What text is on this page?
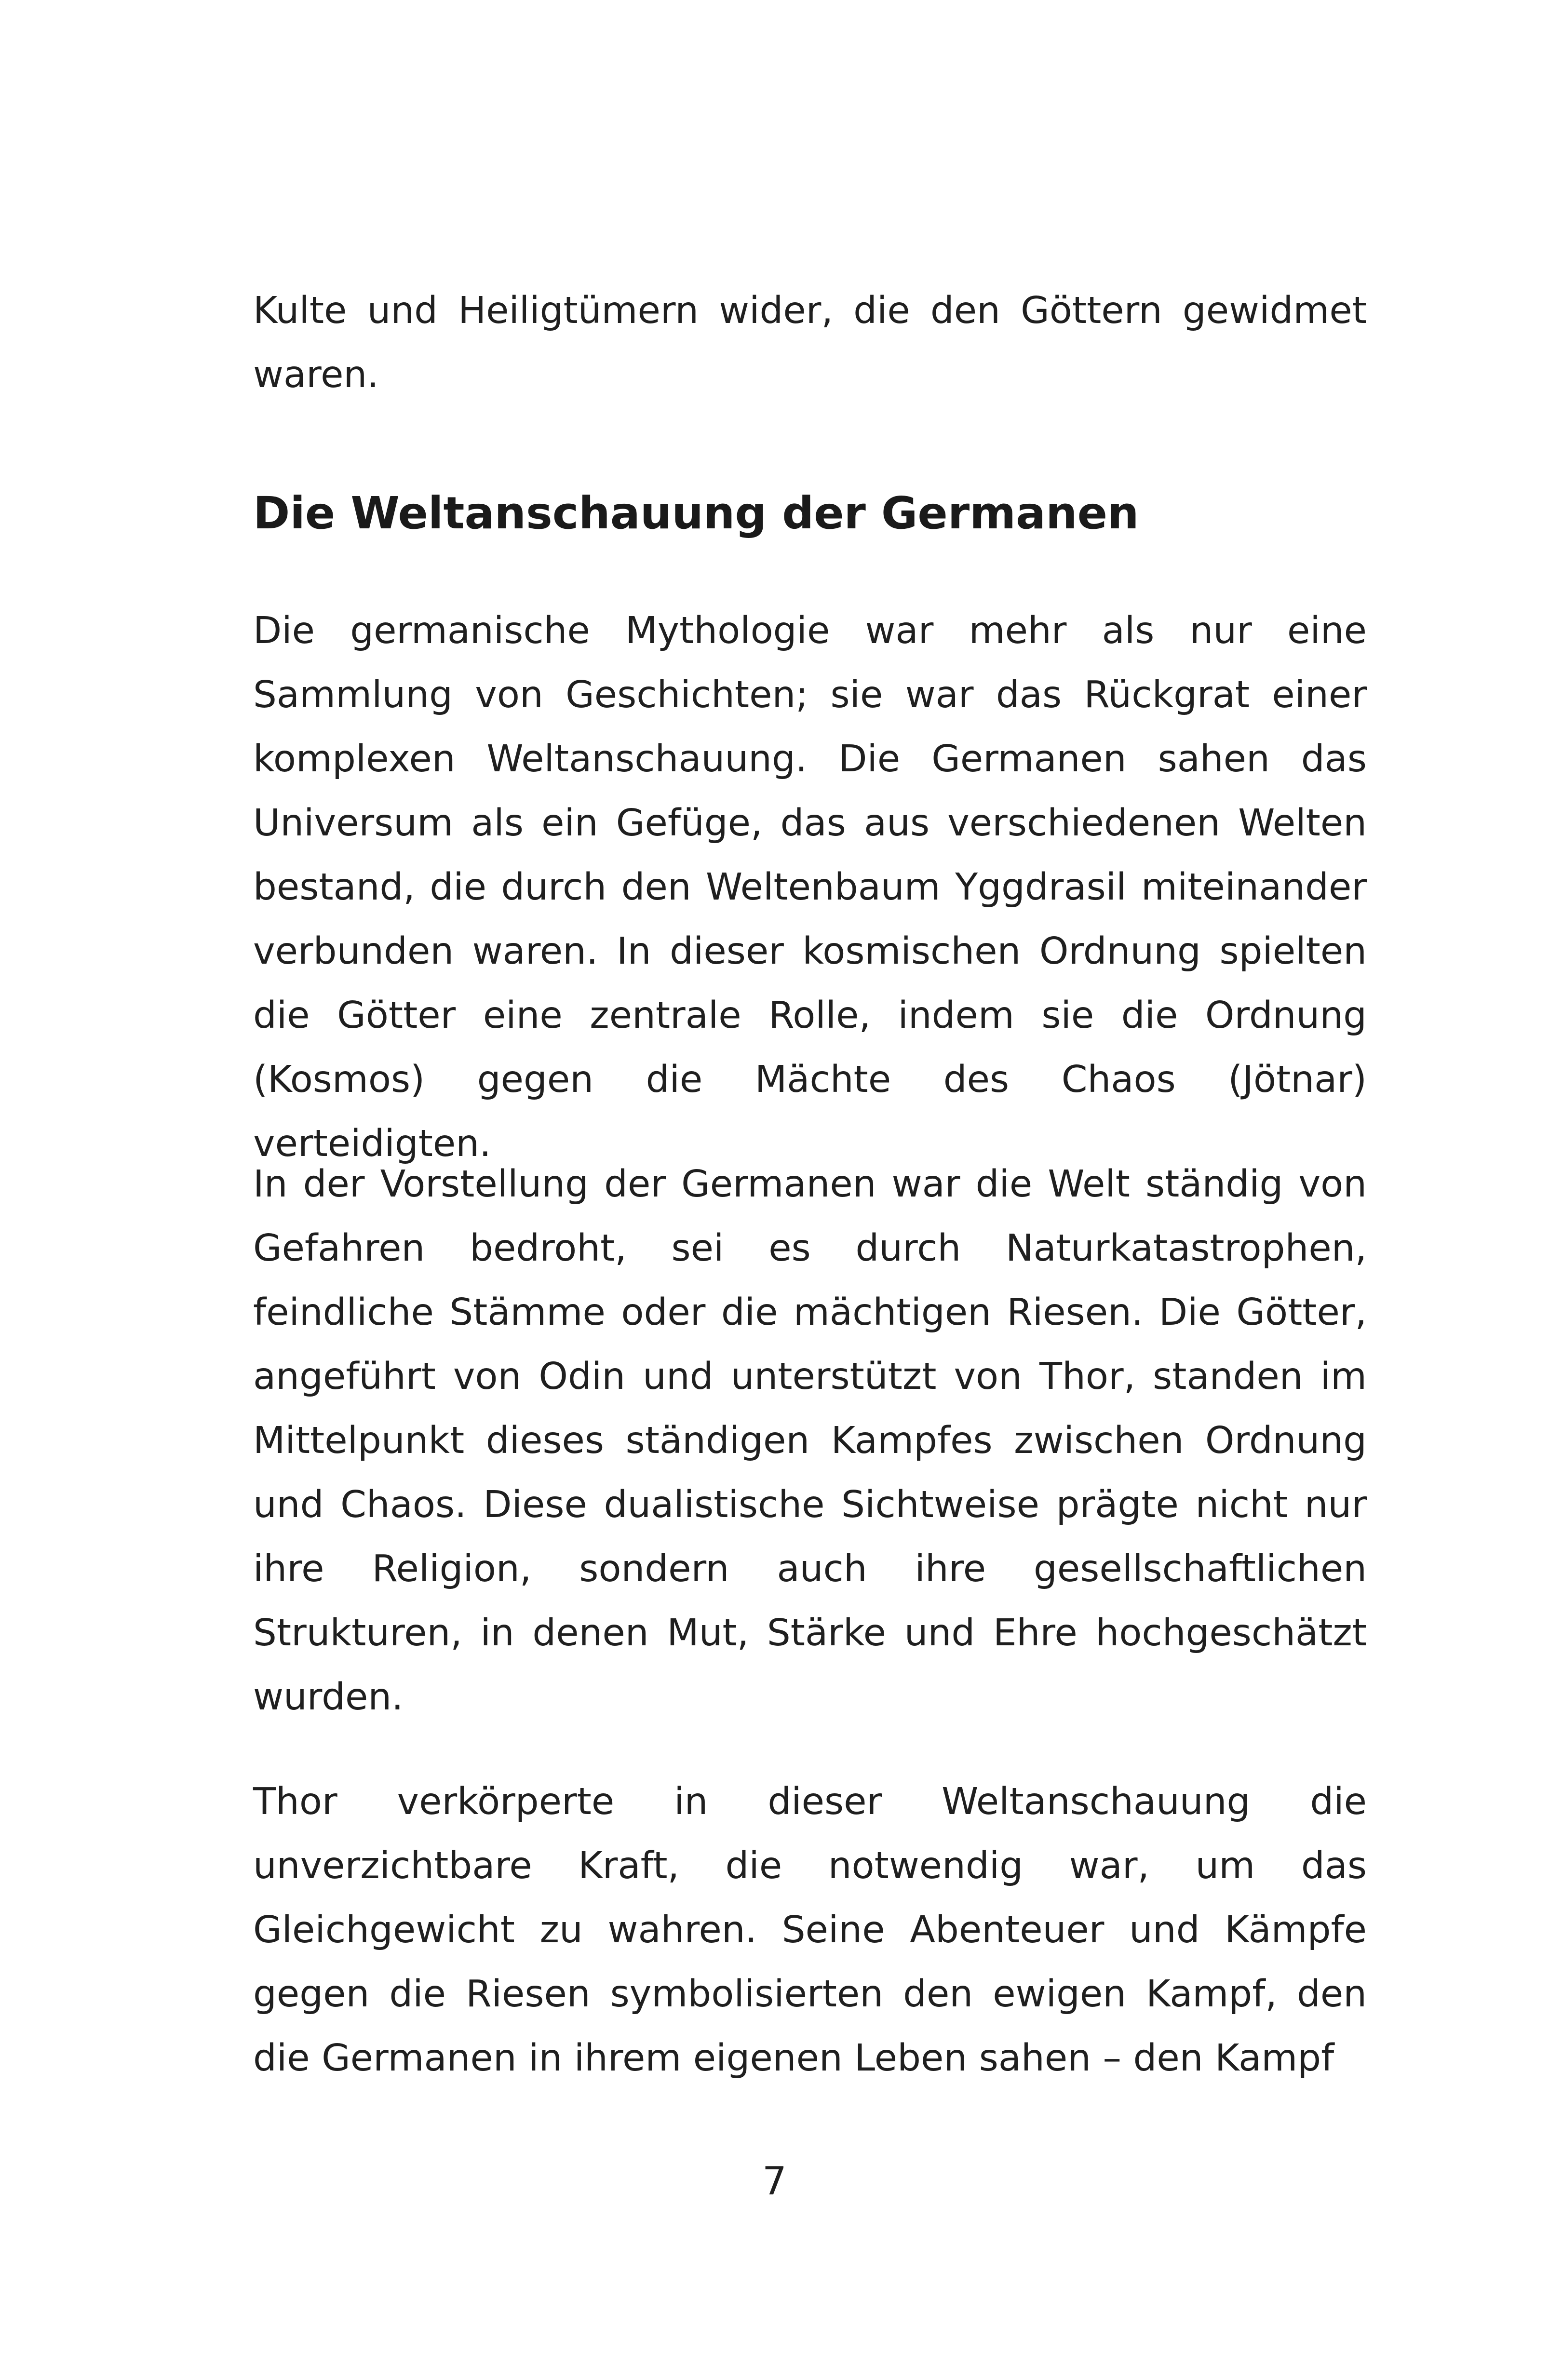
Kulte und Heiligtümern wider, die den Göttern gewidmet waren.

Die Weltanschauung der Germanen

Die germanische Mythologie war mehr als nur eine Sammlung von Geschichten; sie war das Rückgrat einer komplexen Weltanschauung. Die Germanen sahen das Universum als ein Gefüge, das aus verschiedenen Welten bestand, die durch den Weltenbaum Yggdrasil miteinander verbunden waren. In dieser kosmischen Ordnung spielten die Götter eine zentrale Rolle, indem sie die Ordnung (Kosmos) gegen die Mächte des Chaos (Jötnar) verteidigten.

In der Vorstellung der Germanen war die Welt ständig von Gefahren bedroht, sei es durch Naturkatastrophen, feindliche Stämme oder die mächtigen Riesen. Die Götter, angeführt von Odin und unterstützt von Thor, standen im Mittelpunkt dieses ständigen Kampfes zwischen Ordnung und Chaos. Diese dualistische Sichtweise prägte nicht nur ihre Religion, sondern auch ihre gesellschaftlichen Strukturen, in denen Mut, Stärke und Ehre hochgeschätzt wurden.

Thor verkörperte in dieser Weltanschauung die unverzichtbare Kraft, die notwendig war, um das Gleichgewicht zu wahren. Seine Abenteuer und Kämpfe gegen die Riesen symbolisierten den ewigen Kampf, den die Germanen in ihrem eigenen Leben sahen – den Kampf

7
